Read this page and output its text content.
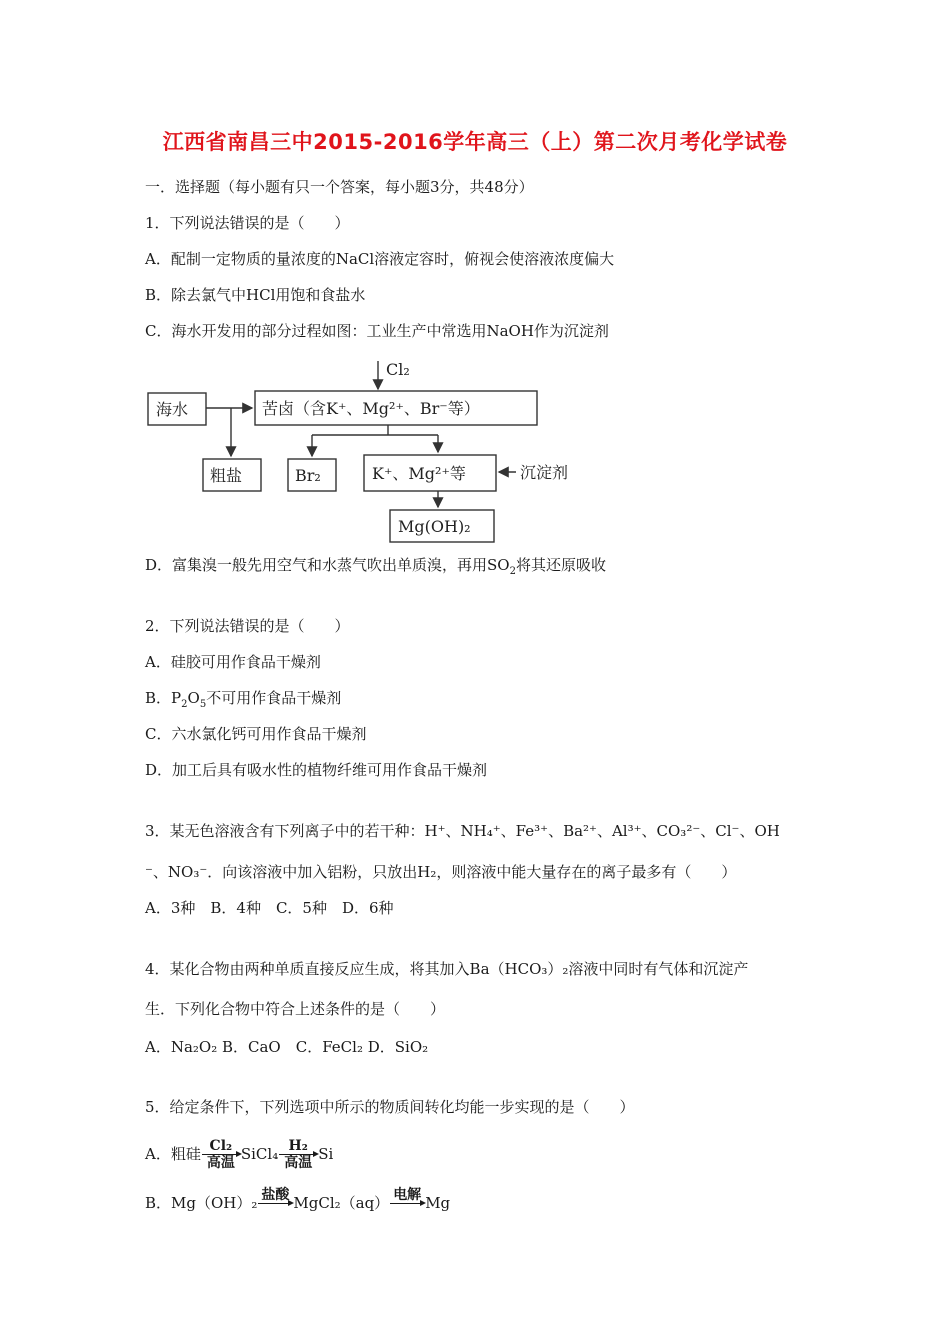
江西省南昌三中2015-2016学年高三（上）第二次月考化学试卷
一．选择题（每小题有只一个答案，每小题3分，共48分）
1．下列说法错误的是（　　）
A．配制一定物质的量浓度的NaCl溶液定容时，俯视会使溶液浓度偏大
B．除去氯气中HCl用饱和食盐水
C．海水开发用的部分过程如图：工业生产中常选用NaOH作为沉淀剂
Cl₂
海水	苦卤（含K⁺、Mg²⁺、Br⁻等）
粗盐	Br₂	K⁺、Mg²⁺等	沉淀剂
Mg(OH)₂
D．富集溴一般先用空气和水蒸气吹出单质溴，再用$SO_2$将其还原吸收
2．下列说法错误的是（　　）
A．硅胶可用作食品干燥剂
B．$P_2O_5$不可用作食品干燥剂
C．六水氯化钙可用作食品干燥剂
D．加工后具有吸水性的植物纤维可用作食品干燥剂
3．某无色溶液含有下列离子中的若干种：H⁺、NH₄⁺、Fe³⁺、Ba²⁺、Al³⁺、CO₃²⁻、Cl⁻、OH
⁻、NO₃⁻．向该溶液中加入铝粉，只放出H₂，则溶液中能大量存在的离子最多有（　　）
A．3种　B．4种　C．5种　D．6种
4．某化合物由两种单质直接反应生成，将其加入Ba（HCO₃）₂溶液中同时有气体和沉淀产
生．下列化合物中符合上述条件的是（　　）
A．Na₂O₂ B．CaO　C．FeCl₂ D．SiO₂
5．给定条件下，下列选项中所示的物质间转化均能一步实现的是（　　）
A．粗硅 Cl₂
高温 SiCl₄ H₂
高温 Si
B．Mg（OH）₂ 盐酸 MgCl₂（aq） 电解 Mg
